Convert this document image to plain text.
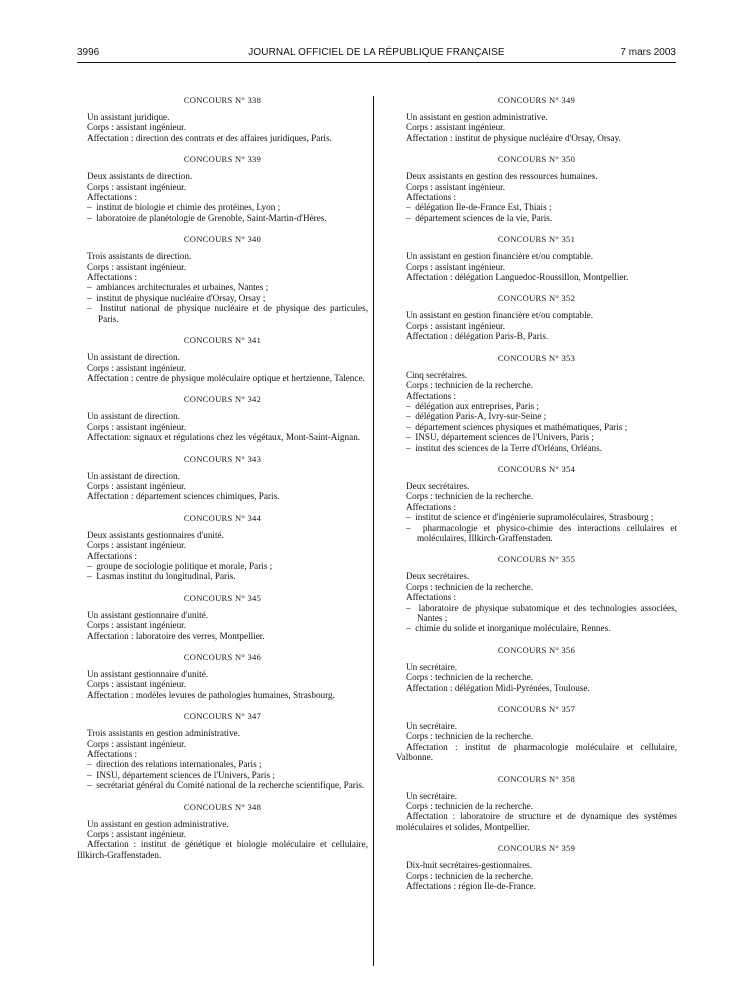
3996	JOURNAL OFFICIEL DE LA RÉPUBLIQUE FRANÇAISE	7 mars 2003
CONCOURS N° 338
Un assistant juridique.
Corps : assistant ingénieur.
Affectation : direction des contrats et des affaires juridiques, Paris.
CONCOURS N° 339
Deux assistants de direction.
Corps : assistant ingénieur.
Affectations :
–  institut de biologie et chimie des protéines, Lyon ;
–  laboratoire de planétologie de Grenoble, Saint-Martin-d'Hères.
CONCOURS N° 340
Trois assistants de direction.
Corps : assistant ingénieur.
Affectations :
–  ambiances architecturales et urbaines, Nantes ;
–  institut de physique nucléaire d'Orsay, Orsay ;
–  Institut national de physique nucléaire et de physique des particules, Paris.
CONCOURS N° 341
Un assistant de direction.
Corps : assistant ingénieur.
Affectation : centre de physique moléculaire optique et hertzienne, Talence.
CONCOURS N° 342
Un assistant de direction.
Corps : assistant ingénieur.
Affectation: signaux et régulations chez les végétaux, Mont-Saint-Aignan.
CONCOURS N° 343
Un assistant de direction.
Corps : assistant ingénieur.
Affectation : département sciences chimiques, Paris.
CONCOURS N° 344
Deux assistants gestionnaires d'unité.
Corps : assistant ingénieur.
Affectations :
–  groupe de sociologie politique et morale, Paris ;
–  Lasmas institut du longitudinal, Paris.
CONCOURS N° 345
Un assistant gestionnaire d'unité.
Corps : assistant ingénieur.
Affectation : laboratoire des verres, Montpellier.
CONCOURS N° 346
Un assistant gestionnaire d'unité.
Corps : assistant ingénieur.
Affectation : modèles levures de pathologies humaines, Strasbourg.
CONCOURS N° 347
Trois assistants en gestion administrative.
Corps : assistant ingénieur.
Affectations :
–  direction des relations internationales, Paris ;
–  INSU, département sciences de l'Univers, Paris ;
–  secrétariat général du Comité national de la recherche scientifique, Paris.
CONCOURS N° 348
Un assistant en gestion administrative.
Corps : assistant ingénieur.
Affectation : institut de génétique et biologie moléculaire et cellulaire, Illkirch-Graffenstaden.
CONCOURS N° 349
Un assistant en gestion administrative.
Corps : assistant ingénieur.
Affectation : institut de physique nucléaire d'Orsay, Orsay.
CONCOURS N° 350
Deux assistants en gestion des ressources humaines.
Corps : assistant ingénieur.
Affectations :
–  délégation Ile-de-France Est, Thiais ;
–  département sciences de la vie, Paris.
CONCOURS N° 351
Un assistant en gestion financière et/ou comptable.
Corps : assistant ingénieur.
Affectation : délégation Languedoc-Roussillon, Montpellier.
CONCOURS N° 352
Un assistant en gestion financière et/ou comptable.
Corps : assistant ingénieur.
Affectation : délégation Paris-B, Paris.
CONCOURS N° 353
Cinq secrétaires.
Corps : technicien de la recherche.
Affectations :
–  délégation aux entreprises, Paris ;
–  délégation Paris-A, Ivry-sur-Seine ;
–  département sciences physiques et mathématiques, Paris ;
–  INSU, département sciences de l'Univers, Paris ;
–  institut des sciences de la Terre d'Orléans, Orléans.
CONCOURS N° 354
Deux secrétaires.
Corps : technicien de la recherche.
Affectations :
–  institut de science et d'ingénierie supramoléculaires, Strasbourg ;
–  pharmacologie et physico-chimie des interactions cellulaires et moléculaires, Illkirch-Graffenstaden.
CONCOURS N° 355
Deux secrétaires.
Corps : technicien de la recherche.
Affectations :
–  laboratoire de physique subatomique et des technologies associées, Nantes ;
–  chimie du solide et inorganique moléculaire, Rennes.
CONCOURS N° 356
Un secrétaire.
Corps : technicien de la recherche.
Affectation : délégation Midi-Pyrénées, Toulouse.
CONCOURS N° 357
Un secrétaire.
Corps : technicien de la recherche.
Affectation : institut de pharmacologie moléculaire et cellulaire, Valbonne.
CONCOURS N° 358
Un secrétaire.
Corps : technicien de la recherche.
Affectation : laboratoire de structure et de dynamique des systèmes moléculaires et solides, Montpellier.
CONCOURS N° 359
Dix-huit secrétaires-gestionnaires.
Corps : technicien de la recherche.
Affectations : région Ile-de-France.
